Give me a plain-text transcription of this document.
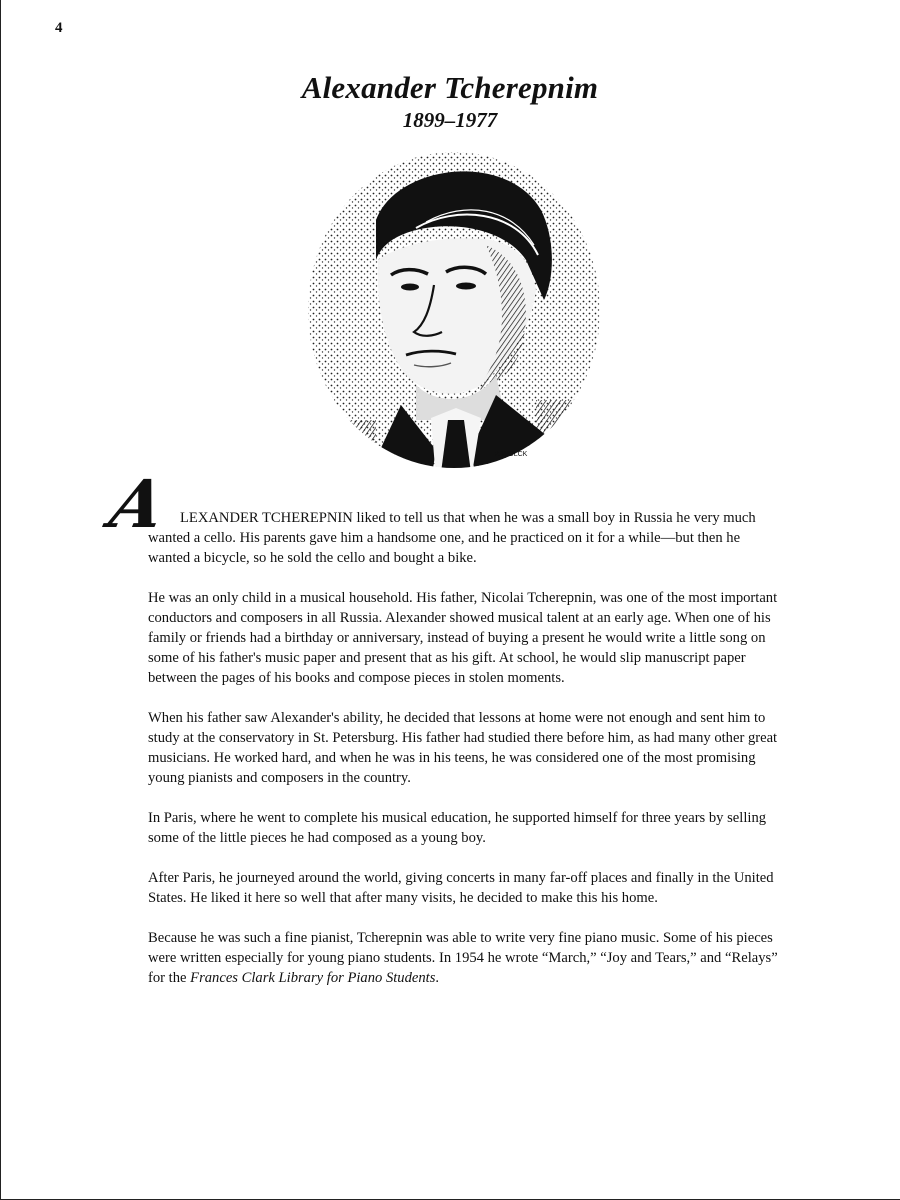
4
Alexander Tcherepnim
1899–1977
P. WOLCK
A LEXANDER TCHEREPNIN liked to tell us that when he was a small boy in Russia he very much wanted a cello. His parents gave him a handsome one, and he practiced on it for a while—but then he wanted a bicycle, so he sold the cello and bought a bike.

He was an only child in a musical household. His father, Nicolai Tcherepnin, was one of the most important conductors and composers in all Russia. Alexander showed musical talent at an early age. When one of his family or friends had a birthday or anniversary, instead of buying a present he would write a little song on some of his father's music paper and present that as his gift. At school, he would slip manuscript paper between the pages of his books and compose pieces in stolen moments.

When his father saw Alexander's ability, he decided that lessons at home were not enough and sent him to study at the conservatory in St. Petersburg. His father had studied there before him, as had many other great musicians. He worked hard, and when he was in his teens, he was considered one of the most promising young pianists and composers in the country.

In Paris, where he went to complete his musical education, he supported himself for three years by selling some of the little pieces he had composed as a young boy.

After Paris, he journeyed around the world, giving concerts in many far-off places and finally in the United States. He liked it here so well that after many visits, he decided to make this his home.

Because he was such a fine pianist, Tcherepnin was able to write very fine piano music. Some of his pieces were written especially for young piano students. In 1954 he wrote “March,” “Joy and Tears,” and “Relays” for the Frances Clark Library for Piano Students.
